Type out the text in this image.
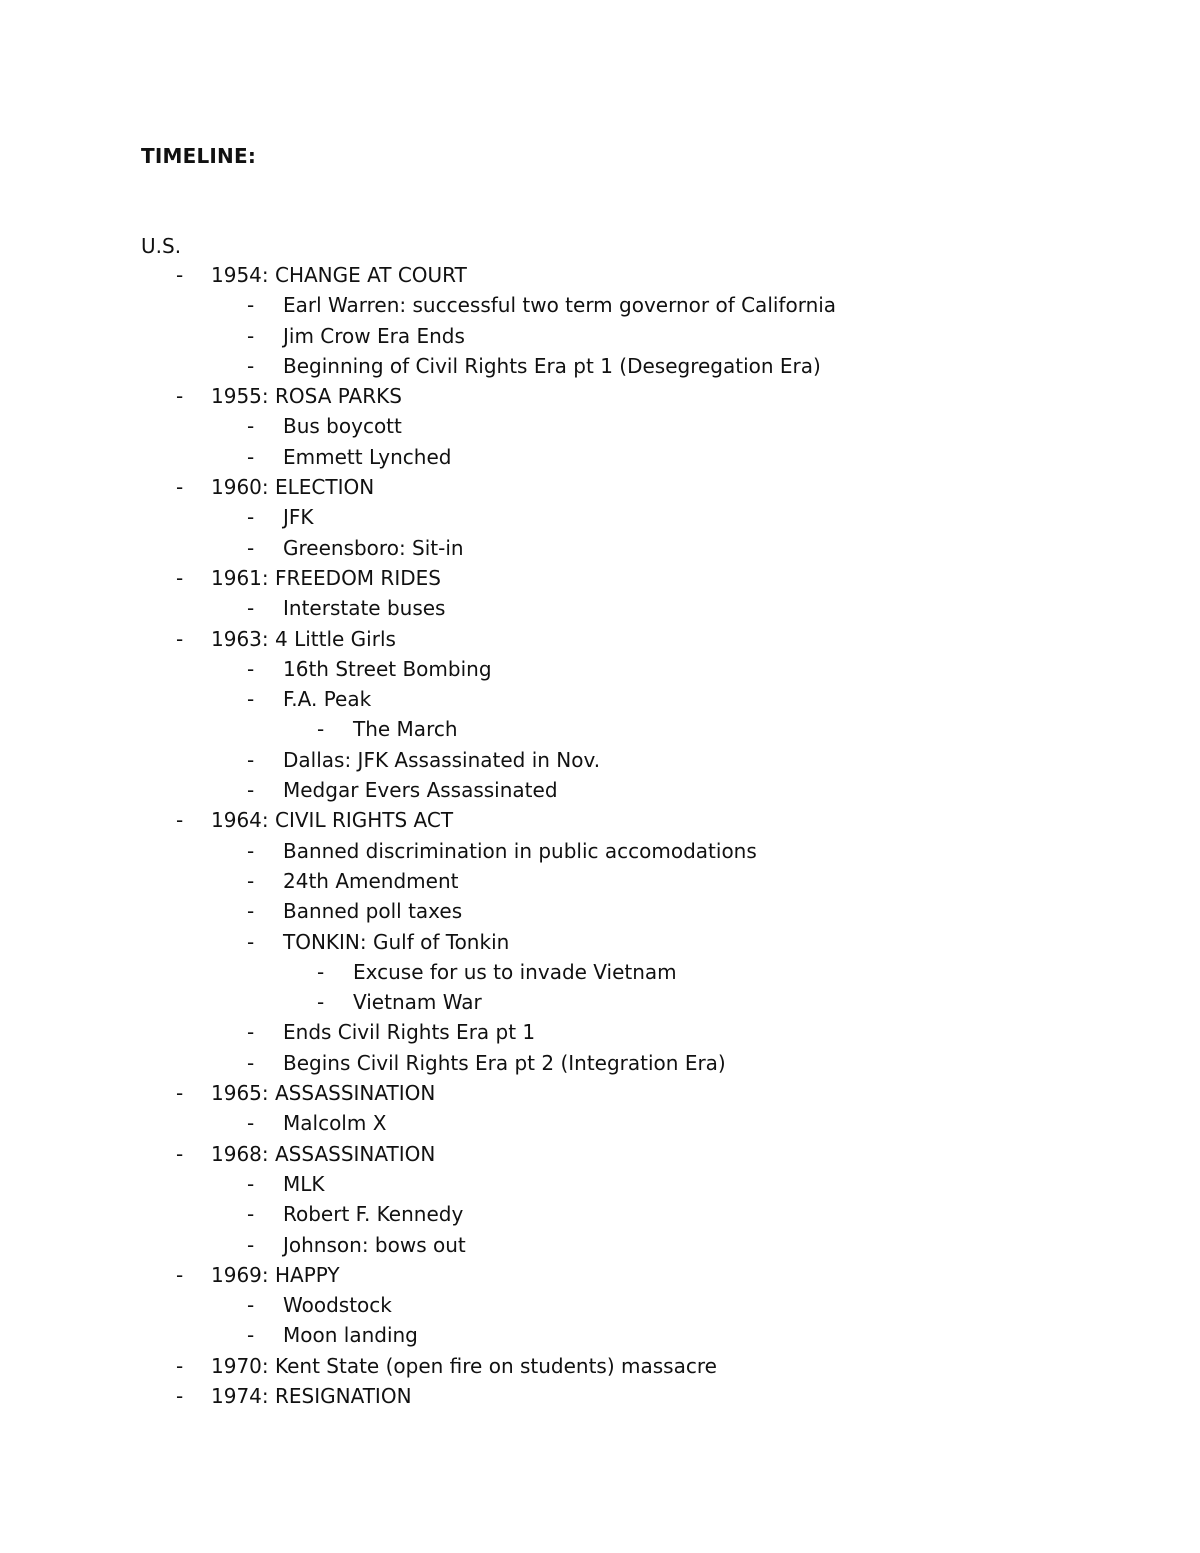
TIMELINE:
U.S.
- 1954: CHANGE AT COURT
- Earl Warren: successful two term governor of California
- Jim Crow Era Ends
- Beginning of Civil Rights Era pt 1 (Desegregation Era)
- 1955: ROSA PARKS
- Bus boycott
- Emmett Lynched
- 1960: ELECTION
- JFK
- Greensboro: Sit-in
- 1961: FREEDOM RIDES
- Interstate buses
- 1963: 4 Little Girls
- 16th Street Bombing
- F.A. Peak
- The March
- Dallas: JFK Assassinated in Nov.
- Medgar Evers Assassinated
- 1964: CIVIL RIGHTS ACT
- Banned discrimination in public accomodations
- 24th Amendment
- Banned poll taxes
- TONKIN: Gulf of Tonkin
- Excuse for us to invade Vietnam
- Vietnam War
- Ends Civil Rights Era pt 1
- Begins Civil Rights Era pt 2 (Integration Era)
- 1965: ASSASSINATION
- Malcolm X
- 1968: ASSASSINATION
- MLK
- Robert F. Kennedy
- Johnson: bows out
- 1969: HAPPY
- Woodstock
- Moon landing
- 1970: Kent State (open fire on students) massacre
- 1974: RESIGNATION
